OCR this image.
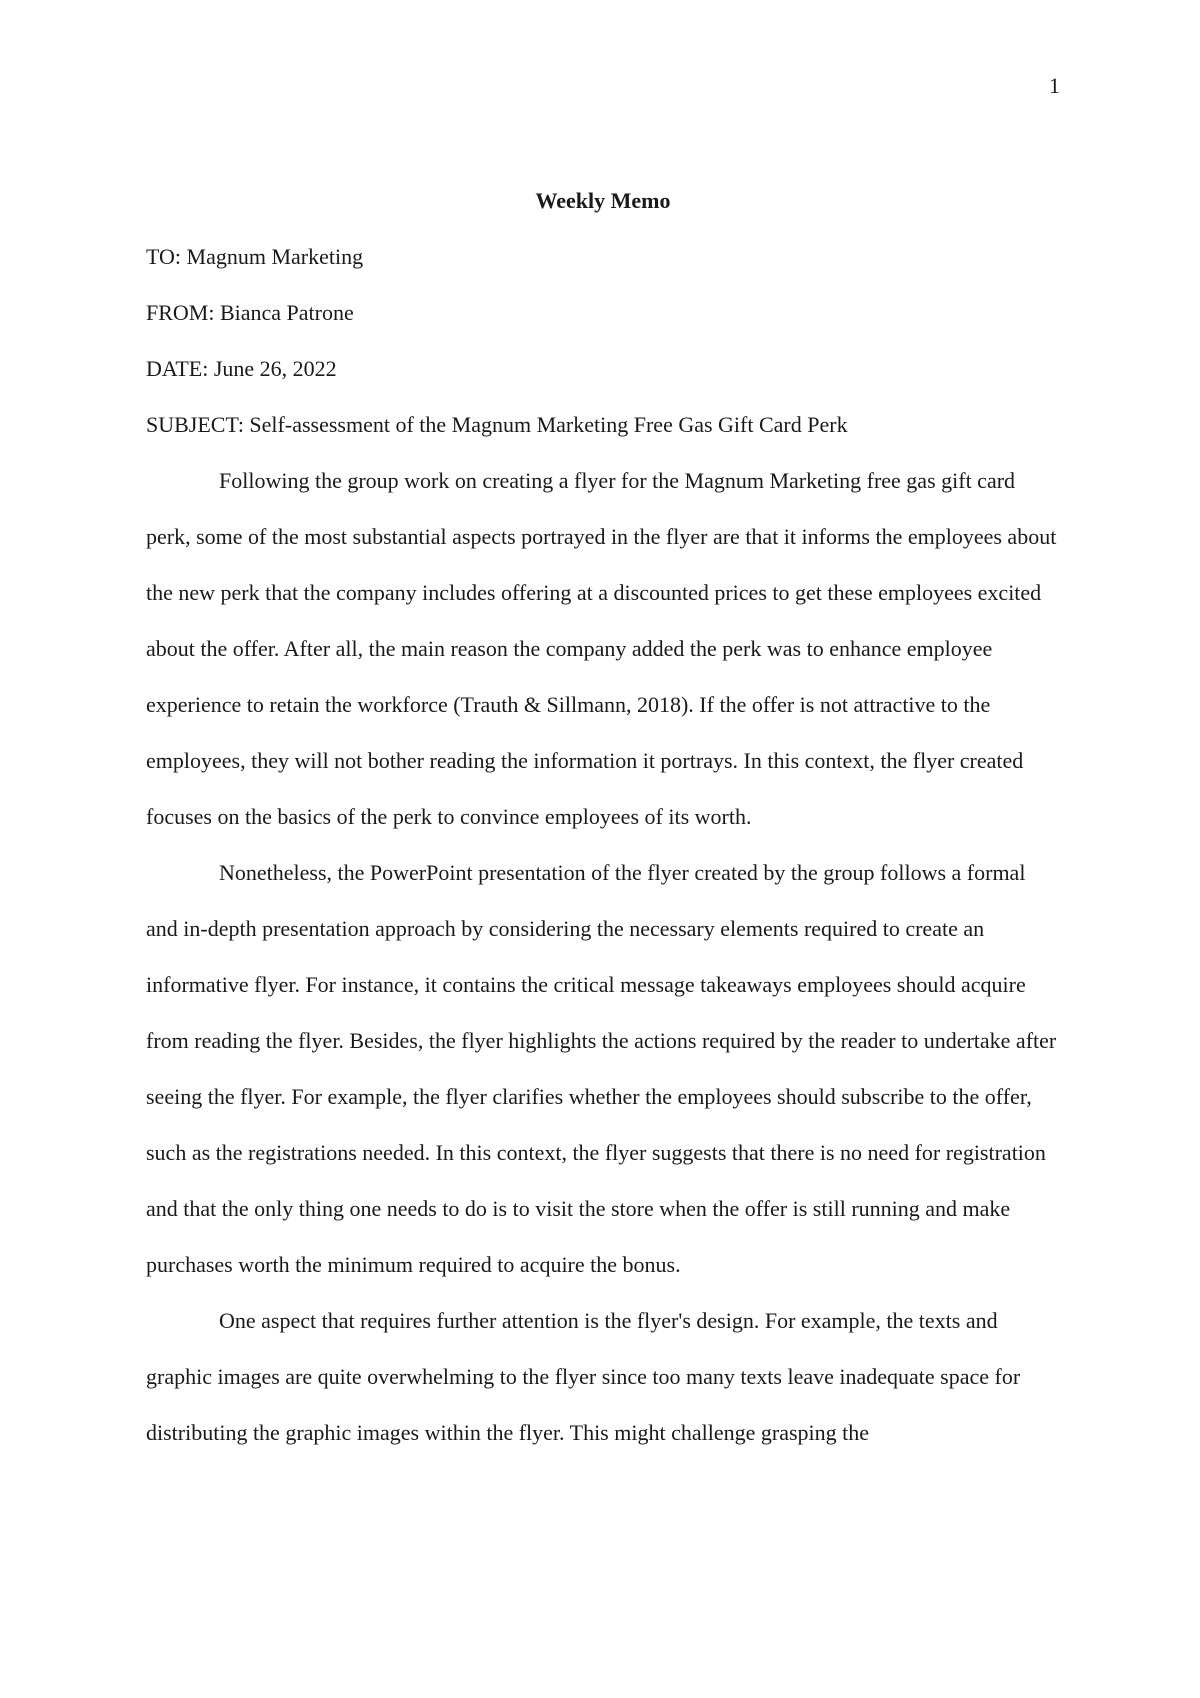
1

Weekly Memo

TO: Magnum Marketing

FROM: Bianca Patrone

DATE: June 26, 2022

SUBJECT: Self-assessment of the Magnum Marketing Free Gas Gift Card Perk

Following the group work on creating a flyer for the Magnum Marketing free gas gift card perk, some of the most substantial aspects portrayed in the flyer are that it informs the employees about the new perk that the company includes offering at a discounted prices to get these employees excited about the offer. After all, the main reason the company added the perk was to enhance employee experience to retain the workforce (Trauth & Sillmann, 2018). If the offer is not attractive to the employees, they will not bother reading the information it portrays. In this context, the flyer created focuses on the basics of the perk to convince employees of its worth.

Nonetheless, the PowerPoint presentation of the flyer created by the group follows a formal and in-depth presentation approach by considering the necessary elements required to create an informative flyer. For instance, it contains the critical message takeaways employees should acquire from reading the flyer. Besides, the flyer highlights the actions required by the reader to undertake after seeing the flyer. For example, the flyer clarifies whether the employees should subscribe to the offer, such as the registrations needed. In this context, the flyer suggests that there is no need for registration and that the only thing one needs to do is to visit the store when the offer is still running and make purchases worth the minimum required to acquire the bonus.

One aspect that requires further attention is the flyer's design. For example, the texts and graphic images are quite overwhelming to the flyer since too many texts leave inadequate space for distributing the graphic images within the flyer. This might challenge grasping the
